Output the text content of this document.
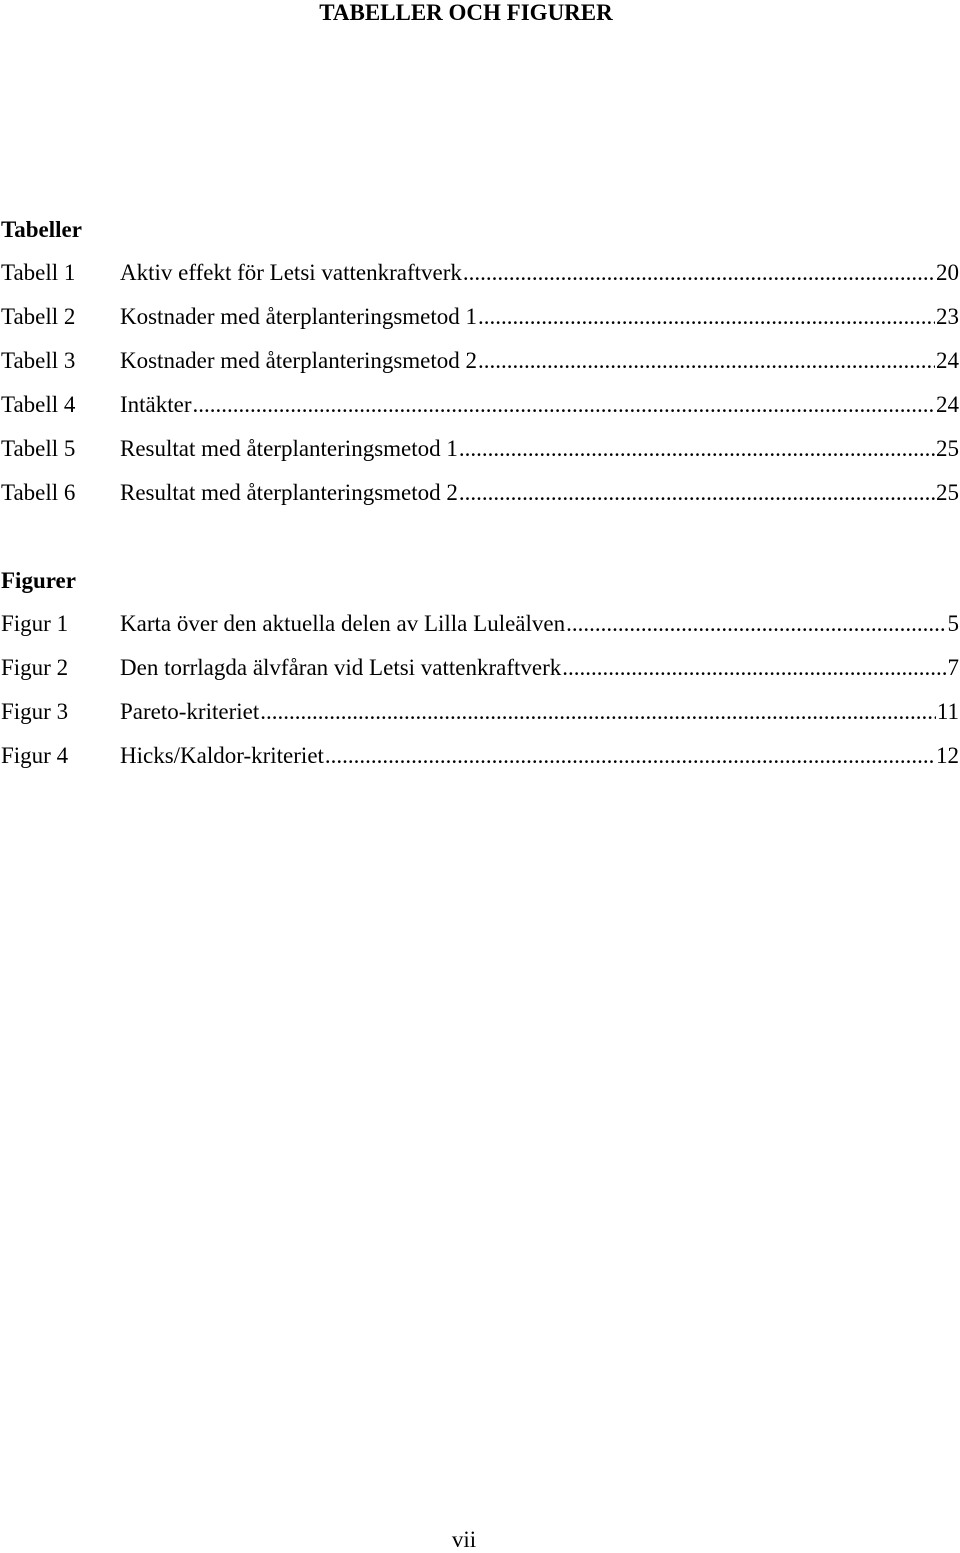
TABELLER OCH FIGURER
Tabeller
Tabell 1	Aktiv effekt för Letsi vattenkraftverk .....	20
Tabell 2	Kostnader med återplanteringsmetod 1 .....	23
Tabell 3	Kostnader med återplanteringsmetod 2 .....	24
Tabell 4	Intäkter .....	24
Tabell 5	Resultat med återplanteringsmetod 1 .....	25
Tabell 6	Resultat med återplanteringsmetod 2 .....	25
Figurer
Figur 1	Karta över den aktuella delen av Lilla Luleälven .....	5
Figur 2	Den torrlagda älvfåran vid Letsi vattenkraftverk .....	7
Figur 3	Pareto-kriteriet .....	11
Figur 4	Hicks/Kaldor-kriteriet .....	12
vii
